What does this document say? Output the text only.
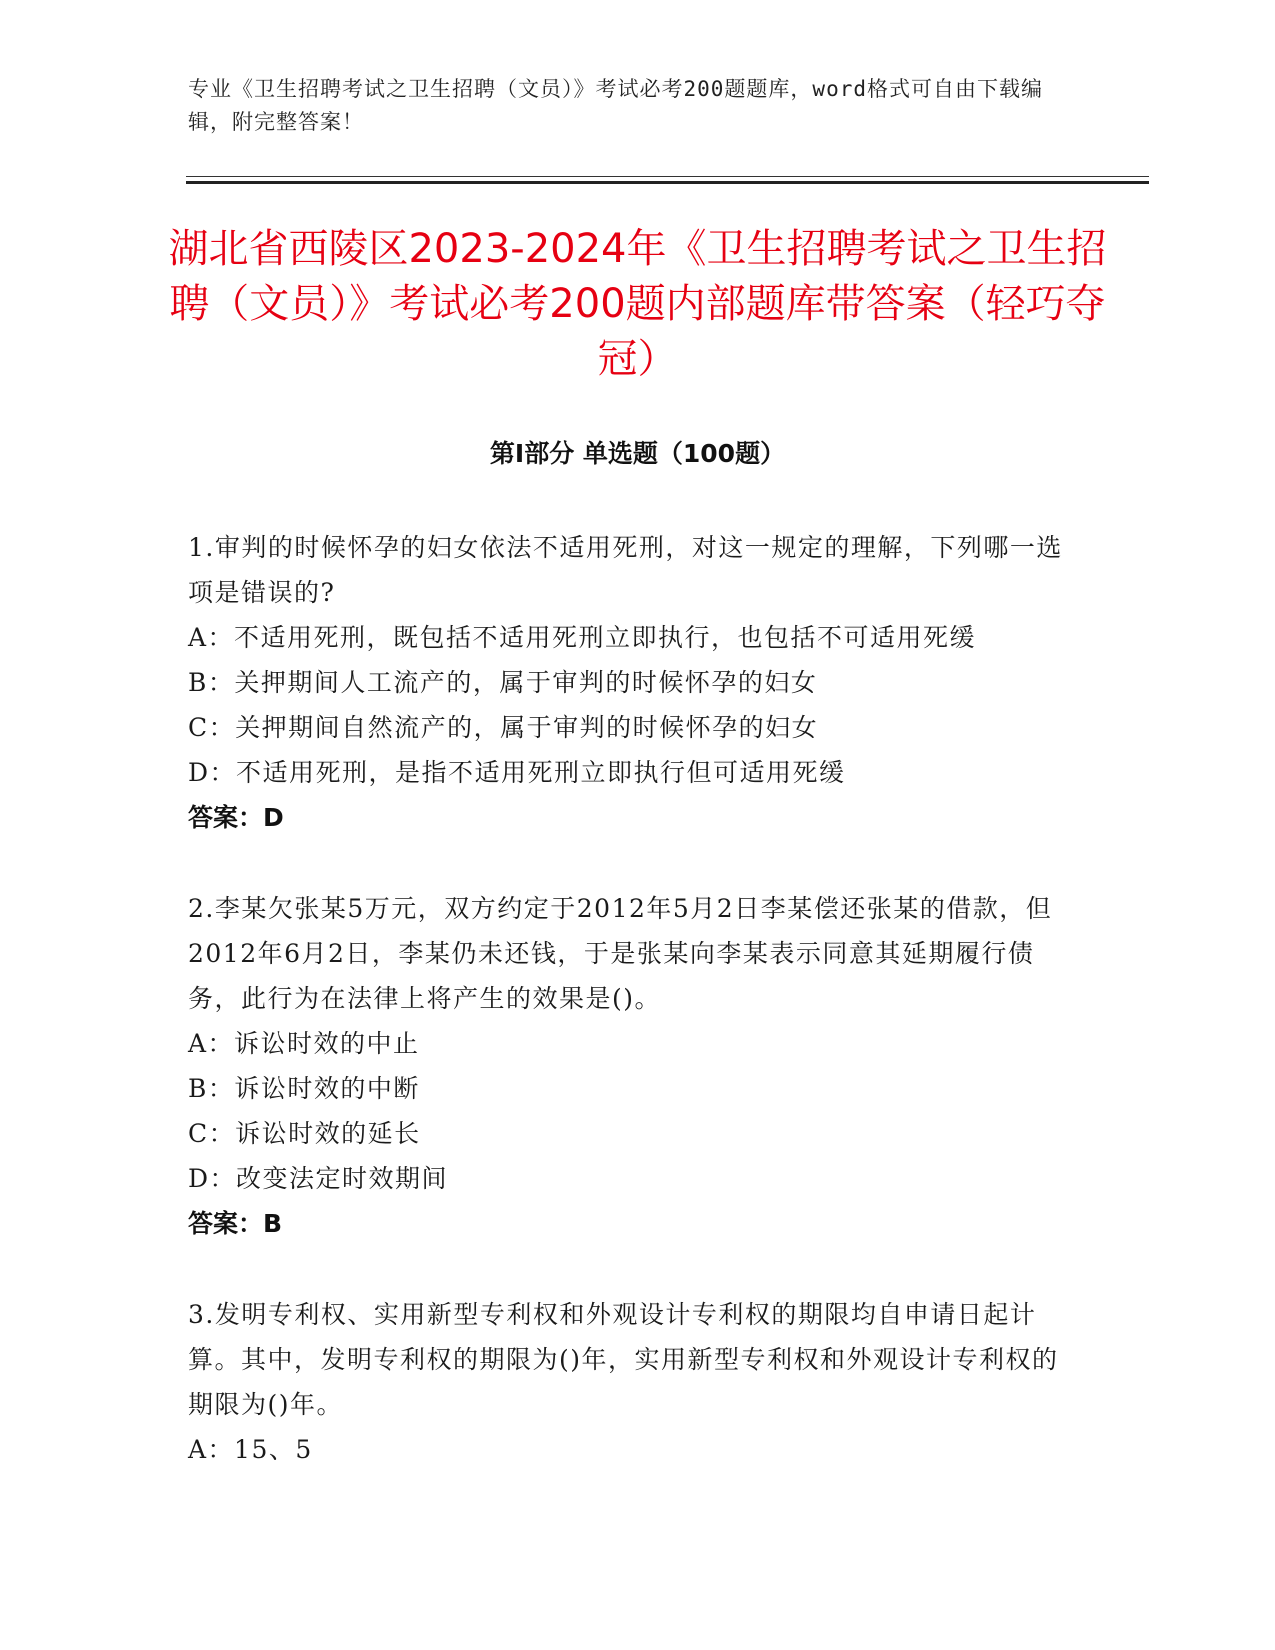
专业《卫生招聘考试之卫生招聘（文员）》考试必考200题题库，word格式可自由下载编辑，附完整答案！
湖北省西陵区2023-2024年《卫生招聘考试之卫生招聘（文员）》考试必考200题内部题库带答案（轻巧夺冠）
第Ⅰ部分 单选题（100题）

1.审判的时候怀孕的妇女依法不适用死刑，对这一规定的理解，下列哪一选项是错误的?

A：不适用死刑，既包括不适用死刑立即执行，也包括不可适用死缓

B：关押期间人工流产的，属于审判的时候怀孕的妇女

C：关押期间自然流产的，属于审判的时候怀孕的妇女

D：不适用死刑，是指不适用死刑立即执行但可适用死缓

答案：D

2.李某欠张某5万元，双方约定于2012年5月2日李某偿还张某的借款，但2012年6月2日，李某仍未还钱，于是张某向李某表示同意其延期履行债务，此行为在法律上将产生的效果是()。

A：诉讼时效的中止

B：诉讼时效的中断

C：诉讼时效的延长

D：改变法定时效期间

答案：B

3.发明专利权、实用新型专利权和外观设计专利权的期限均自申请日起计算。其中，发明专利权的期限为()年，实用新型专利权和外观设计专利权的期限为()年。

A：15、5
